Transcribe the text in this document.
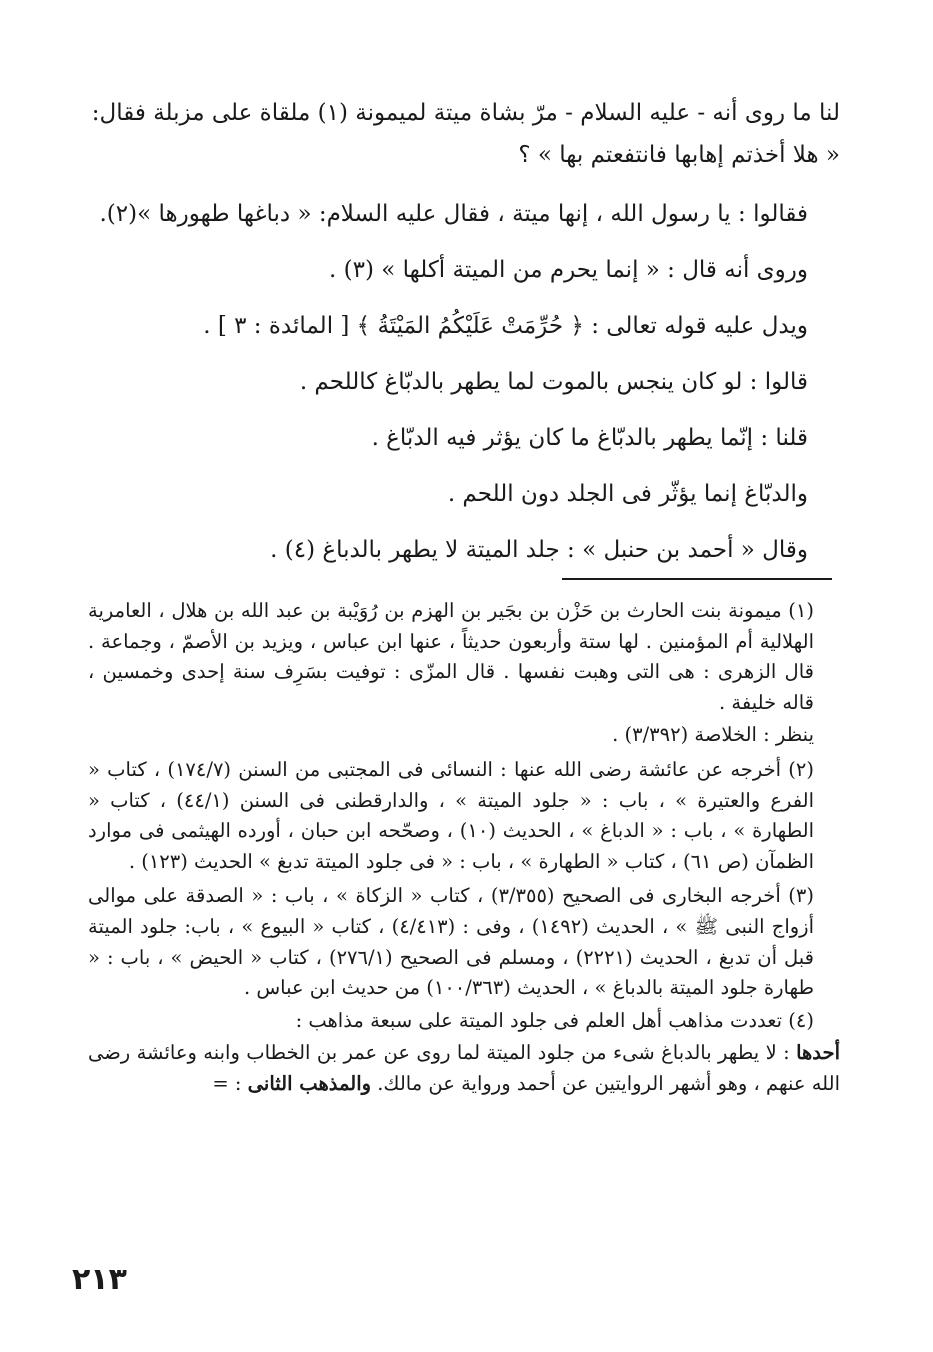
لنا ما روى أنه - عليه السلام - مرّ بشاة ميتة لميمونة (١) ملقاة على مزبلة فقال: « هلا أخذتم إهابها فانتفعتم بها » ؟

فقالوا : يا رسول الله ، إنها ميتة ، فقال عليه السلام: « دباغها طهورها »(٢).

وروى أنه قال : « إنما يحرم من الميتة أكلها » (٣) .

ويدل عليه قوله تعالى : ﴿ حُرِّمَتْ عَلَيْكُمُ المَيْتَةُ ﴾ [ المائدة : ٣ ] .

قالوا : لو كان ينجس بالموت لما يطهر بالدبّاغ كاللحم .

قلنا : إنّما يطهر بالدبّاغ ما كان يؤثر فيه الدبّاغ .

والدبّاغ إنما يؤثّر فى الجلد دون اللحم .

وقال « أحمد بن حنبل » : جلد الميتة لا يطهر بالدباغ (٤) .

(١) ميمونة بنت الحارث بن حَزْن بن بجَير بن الهزم بن رُوَيْبة بن عبد الله بن هلال ، العامرية الهلالية أم المؤمنين . لها ستة وأربعون حديثاً ، عنها ابن عباس ، ويزيد بن الأصمّ ، وجماعة . قال الزهرى : هى التى وهبت نفسها . قال المزّى : توفيت بسَرِف سنة إحدى وخمسين ، قاله خليفة .

ينظر : الخلاصة (٣/٣٩٢) .

(٢) أخرجه عن عائشة رضى الله عنها : النسائى فى المجتبى من السنن (١٧٤/٧) ، كتاب « الفرع والعتيرة » ، باب : « جلود الميتة » ، والدارقطنى فى السنن (٤٤/١) ، كتاب « الطهارة » ، باب : « الدباغ » ، الحديث (١٠) ، وصحّحه ابن حبان ، أورده الهيثمى فى موارد الظمآن (ص ٦١) ، كتاب « الطهارة » ، باب : « فى جلود الميتة تدبغ » الحديث (١٢٣) .

(٣) أخرجه البخارى فى الصحيح (٣/٣٥٥) ، كتاب « الزكاة » ، باب : « الصدقة على موالى أزواج النبى ﷺ » ، الحديث (١٤٩٢) ، وفى : (٤/٤١٣) ، كتاب « البيوع » ، باب: جلود الميتة قبل أن تدبغ ، الحديث (٢٢٢١) ، ومسلم فى الصحيح (٢٧٦/١) ، كتاب « الحيض » ، باب : « طهارة جلود الميتة بالدباغ » ، الحديث (١٠٠/٣٦٣) من حديث ابن عباس .

(٤) تعددت مذاهب أهل العلم فى جلود الميتة على سبعة مذاهب :

أحدها : لا يطهر بالدباغ شىء من جلود الميتة لما روى عن عمر بن الخطاب وابنه وعائشة رضى الله عنهم ، وهو أشهر الروايتين عن أحمد ورواية عن مالك. والمذهب الثانى : =

٢١٣
